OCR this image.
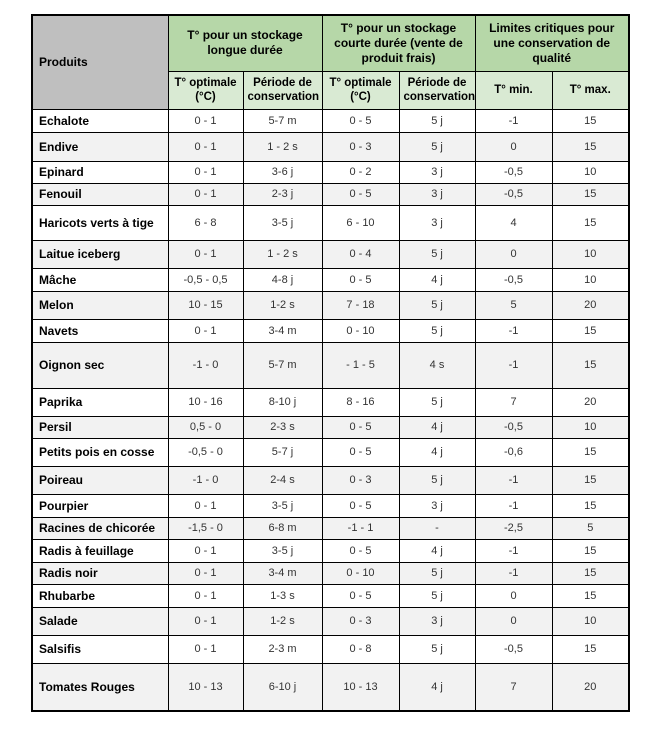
Produits	T° pour un stockage longue durée		T° pour un stockage courte durée (vente de produit frais)		Limites critiques pour une conservation de qualité	
	T° optimale (°C)	Période de conservation	T° optimale (°C)	Période de conservation	T° min.	T° max.
Echalote	0 - 1	5-7 m	0 - 5	5 j	-1	15
Endive	0 - 1	1 - 2 s	0 - 3	5 j	0	15
Epinard	0 - 1	3-6 j	0 - 2	3 j	-0,5	10
Fenouil	0 - 1	2-3 j	0 - 5	3 j	-0,5	15
Haricots verts à tige	6 - 8	3-5 j	6 - 10	3 j	4	15
Laitue iceberg	0 - 1	1 - 2 s	0 - 4	5 j	0	10
Mâche	-0,5 - 0,5	4-8 j	0 - 5	4 j	-0,5	10
Melon	10 - 15	1-2 s	7 - 18	5 j	5	20
Navets	0 - 1	3-4 m	0 - 10	5 j	-1	15
Oignon sec	-1 - 0	5-7 m	- 1 - 5	4 s	-1	15
Paprika	10 - 16	8-10 j	8 - 16	5 j	7	20
Persil	0,5 - 0	2-3 s	0 - 5	4 j	-0,5	10
Petits pois en cosse	-0,5 - 0	5-7 j	0 - 5	4 j	-0,6	15
Poireau	-1 - 0	2-4 s	0 - 3	5 j	-1	15
Pourpier	0 - 1	3-5 j	0 - 5	3 j	-1	15
Racines de chicorée	-1,5 - 0	6-8 m	-1 - 1	-	-2,5	5
Radis à feuillage	0 - 1	3-5 j	0 - 5	4 j	-1	15
Radis noir	0 - 1	3-4 m	0 - 10	5 j	-1	15
Rhubarbe	0 - 1	1-3 s	0 - 5	5 j	0	15
Salade	0 - 1	1-2 s	0 - 3	3 j	0	10
Salsifis	0 - 1	2-3 m	0 - 8	5 j	-0,5	15
Tomates Rouges	10 - 13	6-10 j	10 - 13	4 j	7	20
